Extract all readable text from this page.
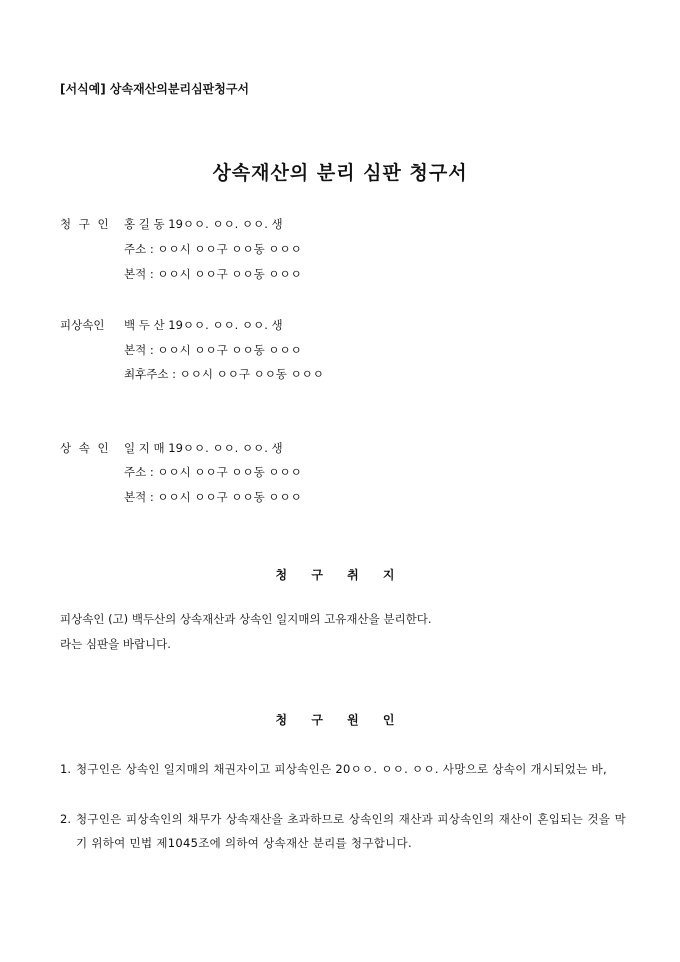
[서식예] 상속재산의분리심판청구서
상속재산의 분리 심판 청구서
청 구 인	홍 길 동 19ㅇㅇ. ㅇㅇ. ㅇㅇ. 생
주소 : ㅇㅇ시 ㅇㅇ구 ㅇㅇ동 ㅇㅇㅇ
본적 : ㅇㅇ시 ㅇㅇ구 ㅇㅇ동 ㅇㅇㅇ
피상속인	백 두 산 19ㅇㅇ. ㅇㅇ. ㅇㅇ. 생
본적 : ㅇㅇ시 ㅇㅇ구 ㅇㅇ동 ㅇㅇㅇ
최후주소 : ㅇㅇ시 ㅇㅇ구 ㅇㅇ동 ㅇㅇㅇ
상 속 인	일 지 매 19ㅇㅇ. ㅇㅇ. ㅇㅇ. 생
주소 : ㅇㅇ시 ㅇㅇ구 ㅇㅇ동 ㅇㅇㅇ
본적 : ㅇㅇ시 ㅇㅇ구 ㅇㅇ동 ㅇㅇㅇ
청 구 취 지
피상속인 (고) 백두산의 상속재산과 상속인 일지매의 고유재산을 분리한다.
라는 심판을 바랍니다.
청 구 원 인
1. 청구인은 상속인 일지매의 채권자이고 피상속인은 20ㅇㅇ. ㅇㅇ. ㅇㅇ. 사망으로 상속이 개시되었는 바,
2. 청구인은 피상속인의 채무가 상속재산을 초과하므로 상속인의 재산과 피상속인의 재산이 혼입되는 것을 막기 위하여 민법 제1045조에 의하여 상속재산 분리를 청구합니다.
